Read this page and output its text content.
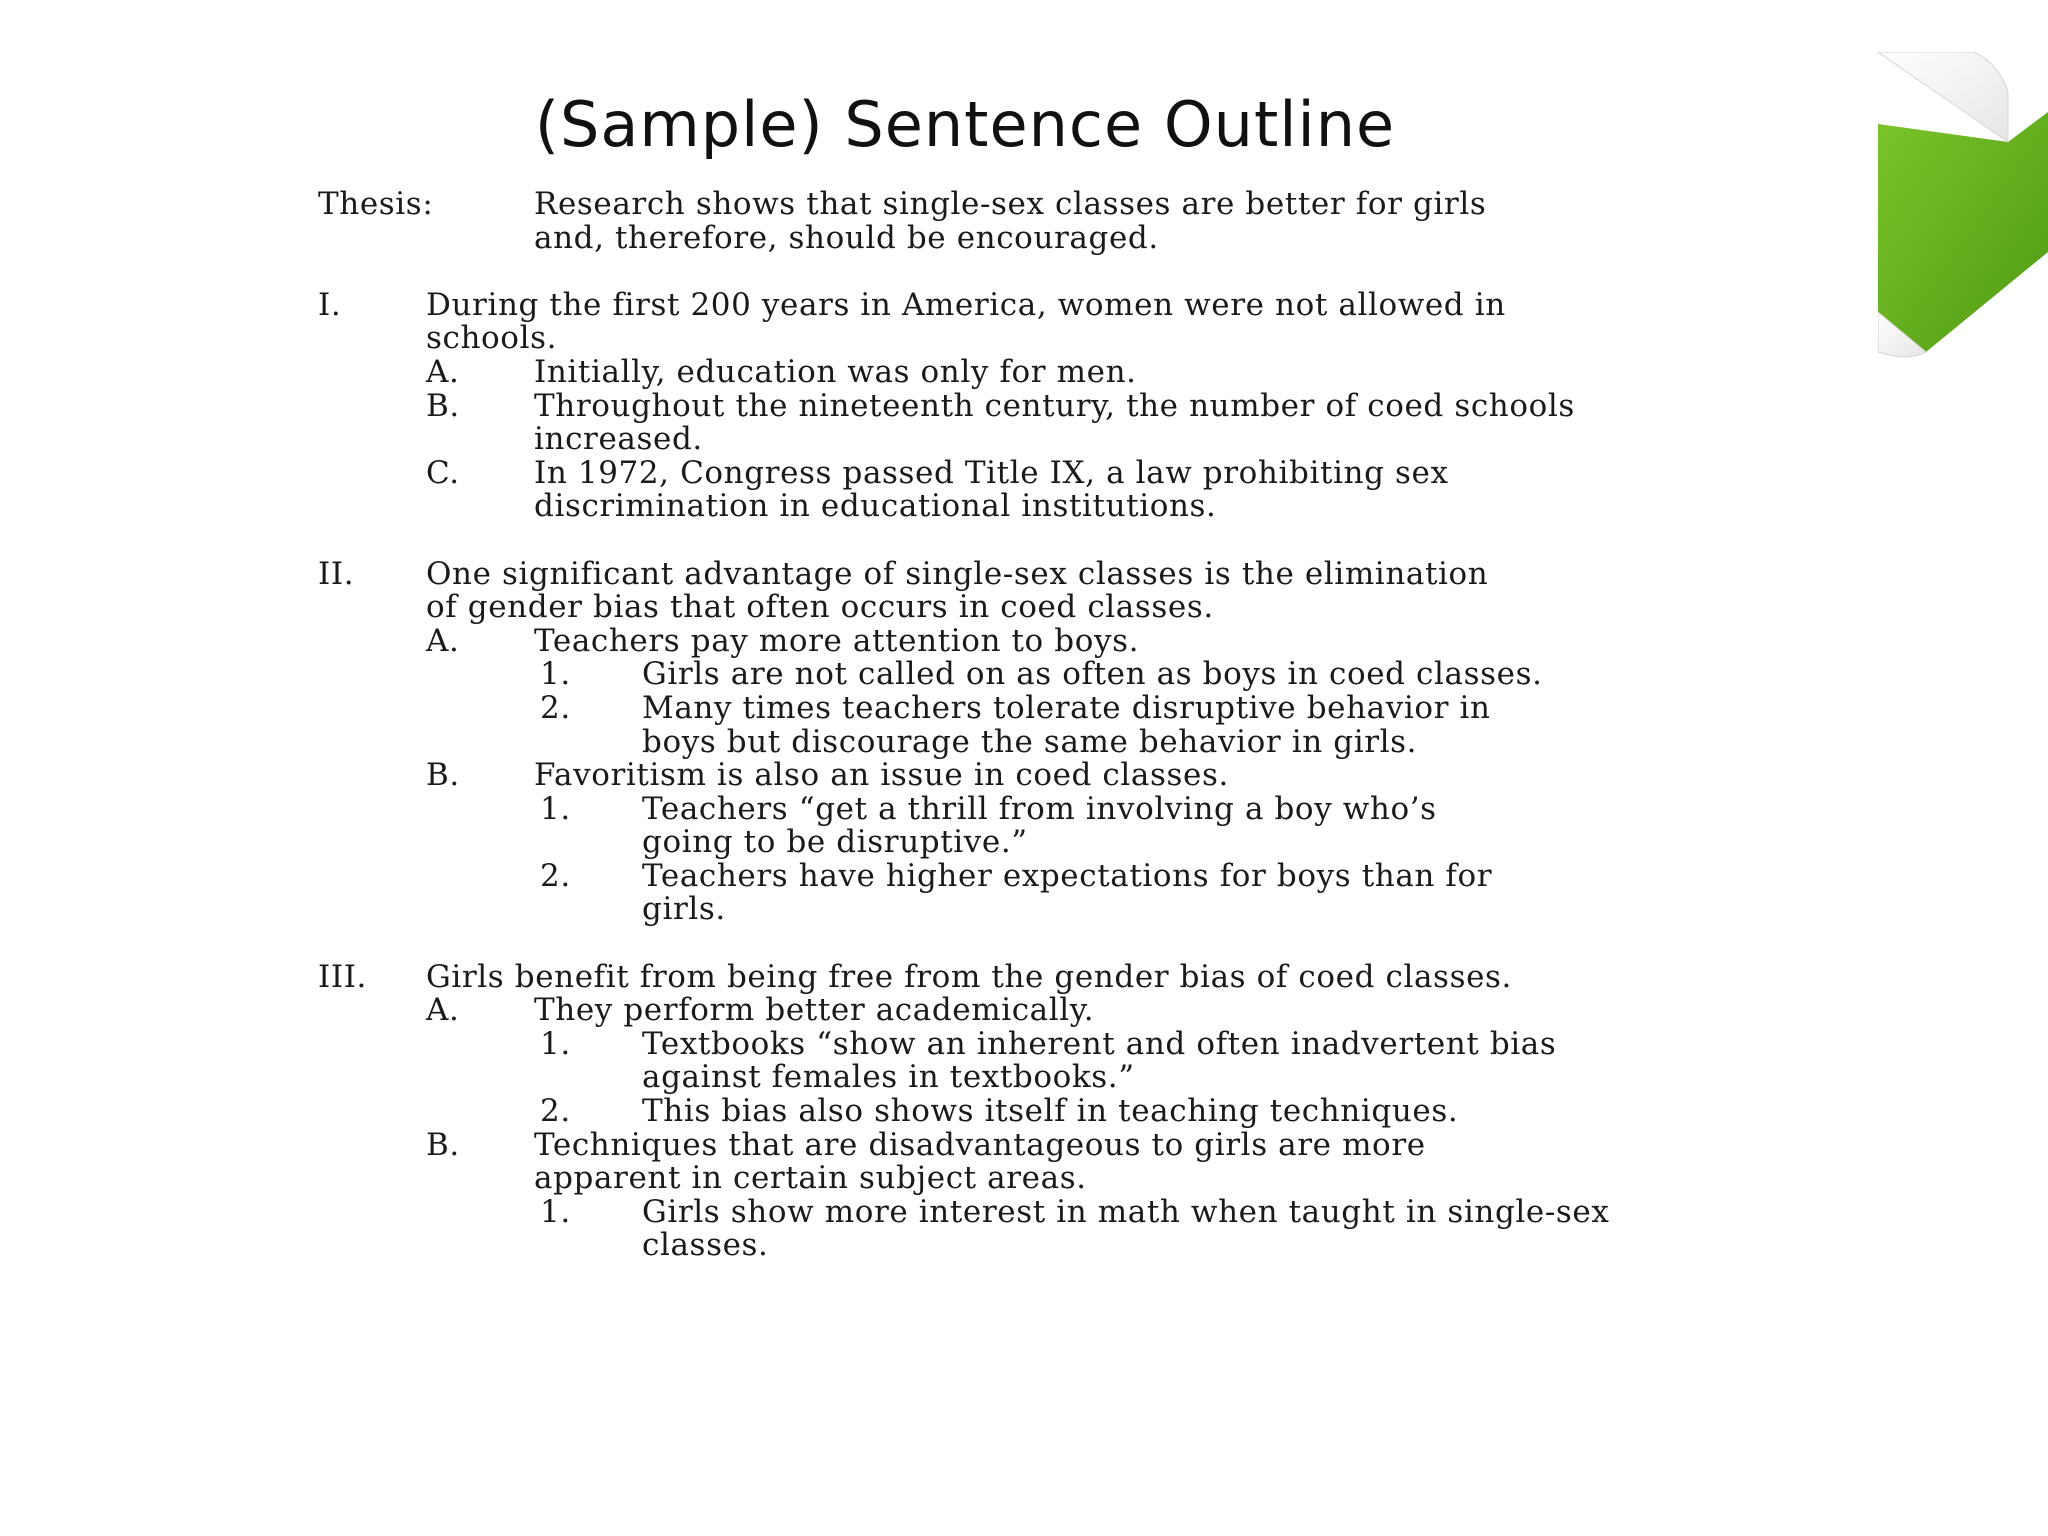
(Sample) Sentence Outline
Thesis:	Research shows that single-sex classes are better for girls and, therefore, should be encouraged.
I.	During the first 200 years in America, women were not allowed in schools.
A. Initially, education was only for men.
B. Throughout the nineteenth century, the number of coed schools increased.
C. In 1972, Congress passed Title IX, a law prohibiting sex discrimination in educational institutions.
II. One significant advantage of single-sex classes is the elimination of gender bias that often occurs in coed classes.
A. Teachers pay more attention to boys.
1. Girls are not called on as often as boys in coed classes.
2. Many times teachers tolerate disruptive behavior in boys but discourage the same behavior in girls.
B. Favoritism is also an issue in coed classes.
1. Teachers “get a thrill from involving a boy who’s going to be disruptive.”
2. Teachers have higher expectations for boys than for girls.
III. Girls benefit from being free from the gender bias of coed classes.
A. They perform better academically.
1. Textbooks “show an inherent and often inadvertent bias against females in textbooks.”
2. This bias also shows itself in teaching techniques.
B. Techniques that are disadvantageous to girls are more apparent in certain subject areas.
1. Girls show more interest in math when taught in single-sex classes.
